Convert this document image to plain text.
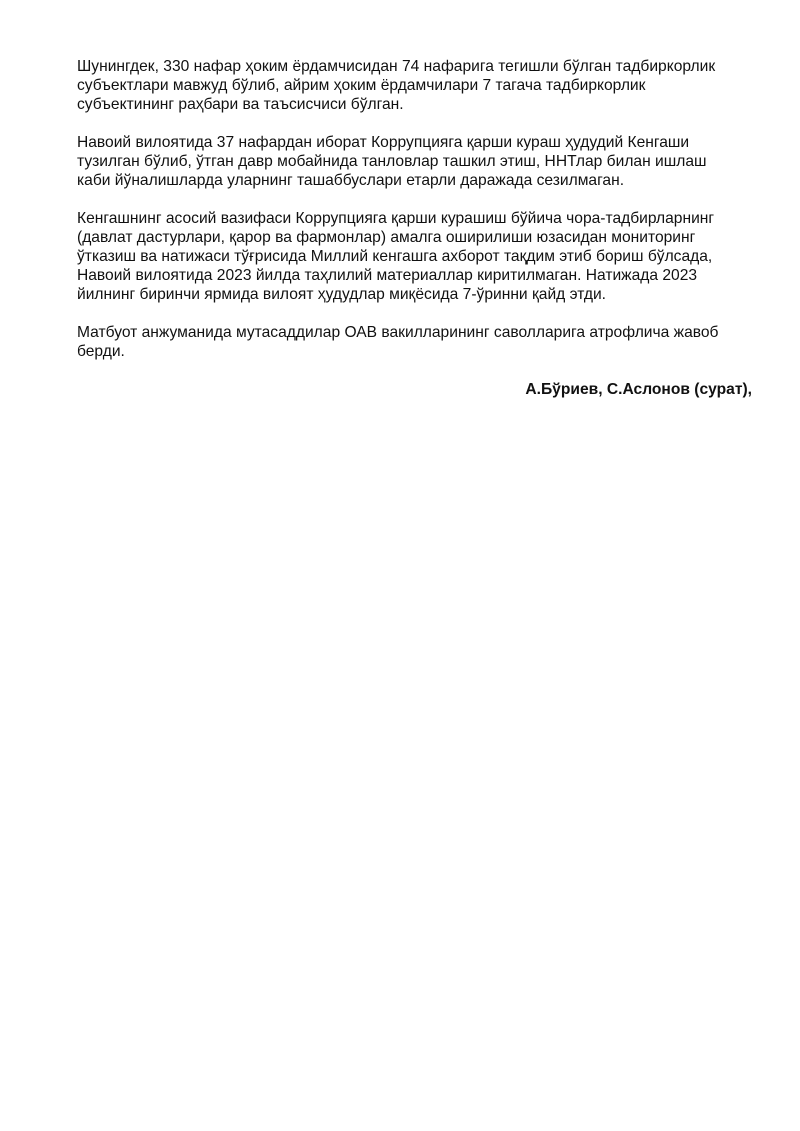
Шунингдек, 330 нафар ҳоким ёрдамчисидан 74 нафарига тегишли бўлган тадбиркорлик
субъектлари мавжуд бўлиб, айрим ҳоким ёрдамчилари 7 тагача тадбиркорлик
субъектининг раҳбари ва таъсисчиси бўлган.

Навоий вилоятида 37 нафардан иборат Коррупцияга қарши кураш ҳудудий Кенгаши
тузилган бўлиб, ўтган давр мобайнида танловлар ташкил этиш, ННТлар билан ишлаш
каби йўналишларда уларнинг ташаббуслари етарли даражада сезилмаган.

Кенгашнинг асосий вазифаси Коррупцияга қарши курашиш бўйича чора-тадбирларнинг
(давлат дастурлари, қарор ва фармонлар) амалга оширилиши юзасидан мониторинг
ўтказиш ва натижаси тўғрисида Миллий кенгашга ахборот тақдим этиб бориш бўлсада,
Навоий вилоятида 2023 йилда таҳлилий материаллар киритилмаган. Натижада 2023
йилнинг биринчи ярмида вилоят ҳудудлар миқёсида 7-ўринни қайд этди.

Матбуот анжуманида мутасаддилар ОАВ вакилларининг саволларига атрофлича жавоб
берди.

А.Бўриев, С.Аслонов (сурат),
